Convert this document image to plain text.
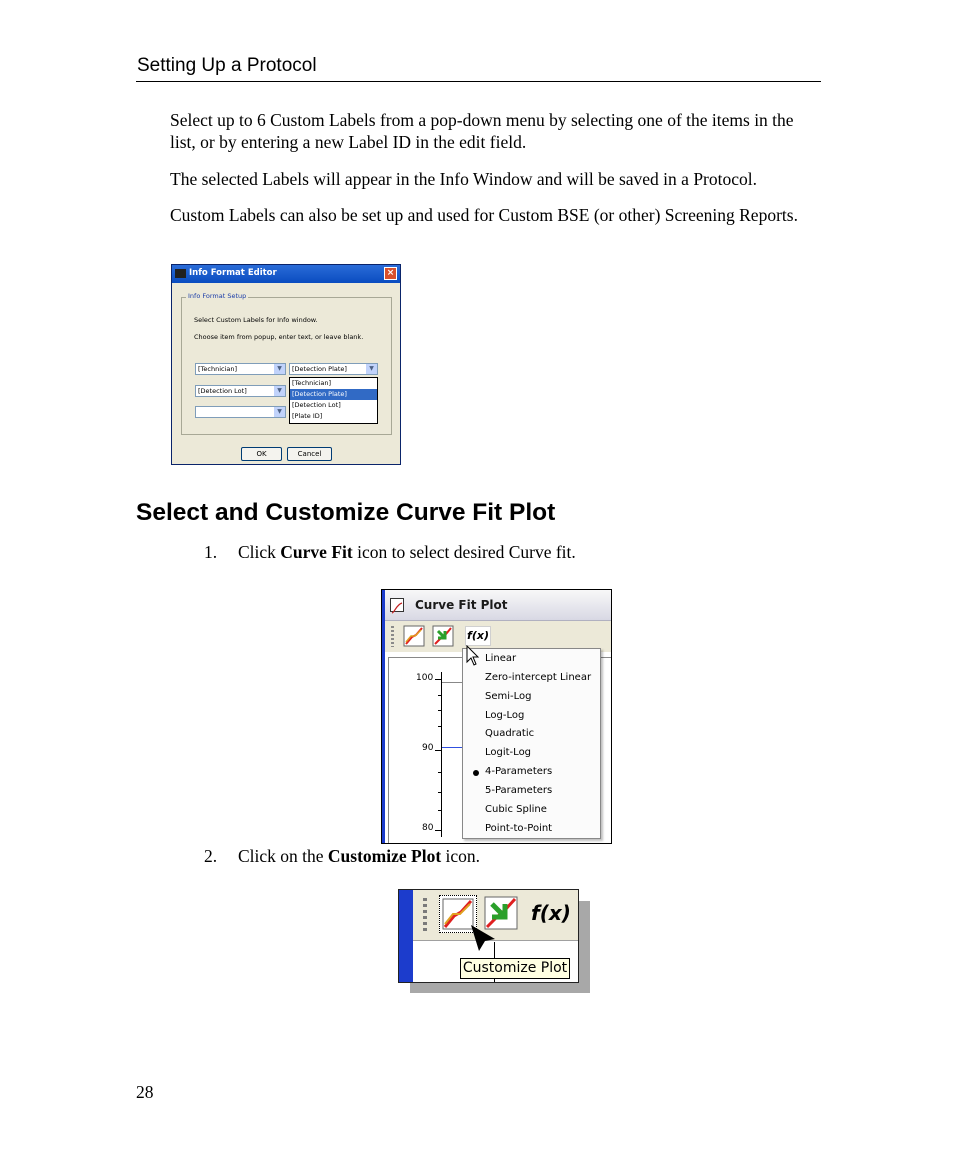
Setting Up a Protocol

Select up to 6 Custom Labels from a pop-down menu by selecting one of the items in the list, or by entering a new Label ID in the edit field.

The selected Labels will appear in the Info Window and will be saved in a Protocol.

Custom Labels can also be set up and used for Custom BSE (or other) Screening Reports.

Info Format Editor	×
Info Format Setup
Select Custom Labels for Info window.
Choose item from popup, enter text, or leave blank.
[Technician]	▼	[Detection Plate]	▼
[Detection Lot]	▼
▼
[Technician]
[Detection Plate]
[Detection Lot]
[Plate ID]
OK	Cancel
Select and Customize Curve Fit Plot
1. Click Curve Fit icon to select desired Curve fit.
Curve Fit Plot
f(x)
100
90
80
Linear
Zero-intercept Linear
Semi-Log
Log-Log
Quadratic
Logit-Log
4-Parameters
5-Parameters
Cubic Spline
Point-to-Point
2. Click on the Customize Plot icon.
f(x)
Customize Plot
28
